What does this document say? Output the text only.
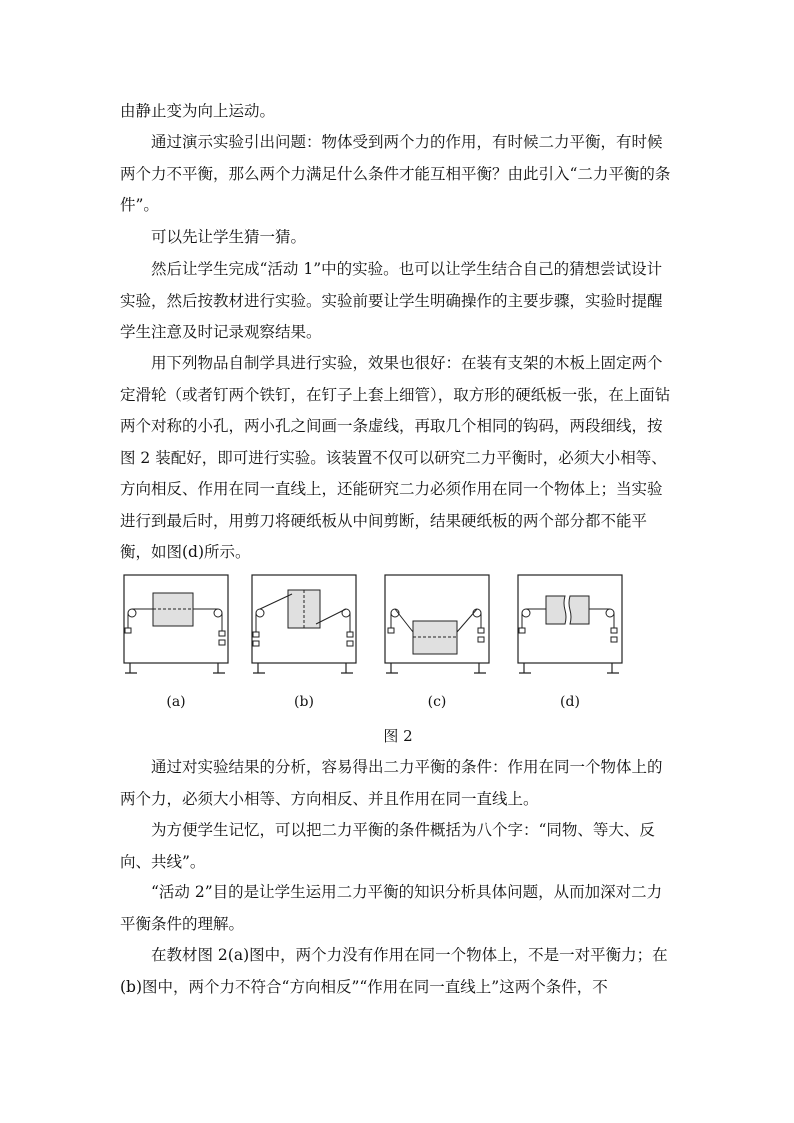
由静止变为向上运动。

通过演示实验引出问题：物体受到两个力的作用，有时候二力平衡，有时候两个力不平衡，那么两个力满足什么条件才能互相平衡？由此引入“二力平衡的条件”。

可以先让学生猜一猜。

然后让学生完成“活动 1”中的实验。也可以让学生结合自己的猜想尝试设计实验，然后按教材进行实验。实验前要让学生明确操作的主要步骤，实验时提醒学生注意及时记录观察结果。

用下列物品自制学具进行实验，效果也很好：在装有支架的木板上固定两个定滑轮（或者钉两个铁钉，在钉子上套上细管），取方形的硬纸板一张，在上面钻两个对称的小孔，两小孔之间画一条虚线，再取几个相同的钩码，两段细线，按图 2 装配好，即可进行实验。该装置不仅可以研究二力平衡时，必须大小相等、方向相反、作用在同一直线上，还能研究二力必须作用在同一个物体上；当实验进行到最后时，用剪刀将硬纸板从中间剪断，结果硬纸板的两个部分都不能平衡，如图(d)所示。

(a)	(b)	(c)	(d)
图 2

通过对实验结果的分析，容易得出二力平衡的条件：作用在同一个物体上的两个力，必须大小相等、方向相反、并且作用在同一直线上。

为方便学生记忆，可以把二力平衡的条件概括为八个字：“同物、等大、反向、共线”。

“活动 2”目的是让学生运用二力平衡的知识分析具体问题，从而加深对二力平衡条件的理解。

在教材图 2(a)图中，两个力没有作用在同一个物体上，不是一对平衡力；在(b)图中，两个力不符合“方向相反”“作用在同一直线上”这两个条件，不
